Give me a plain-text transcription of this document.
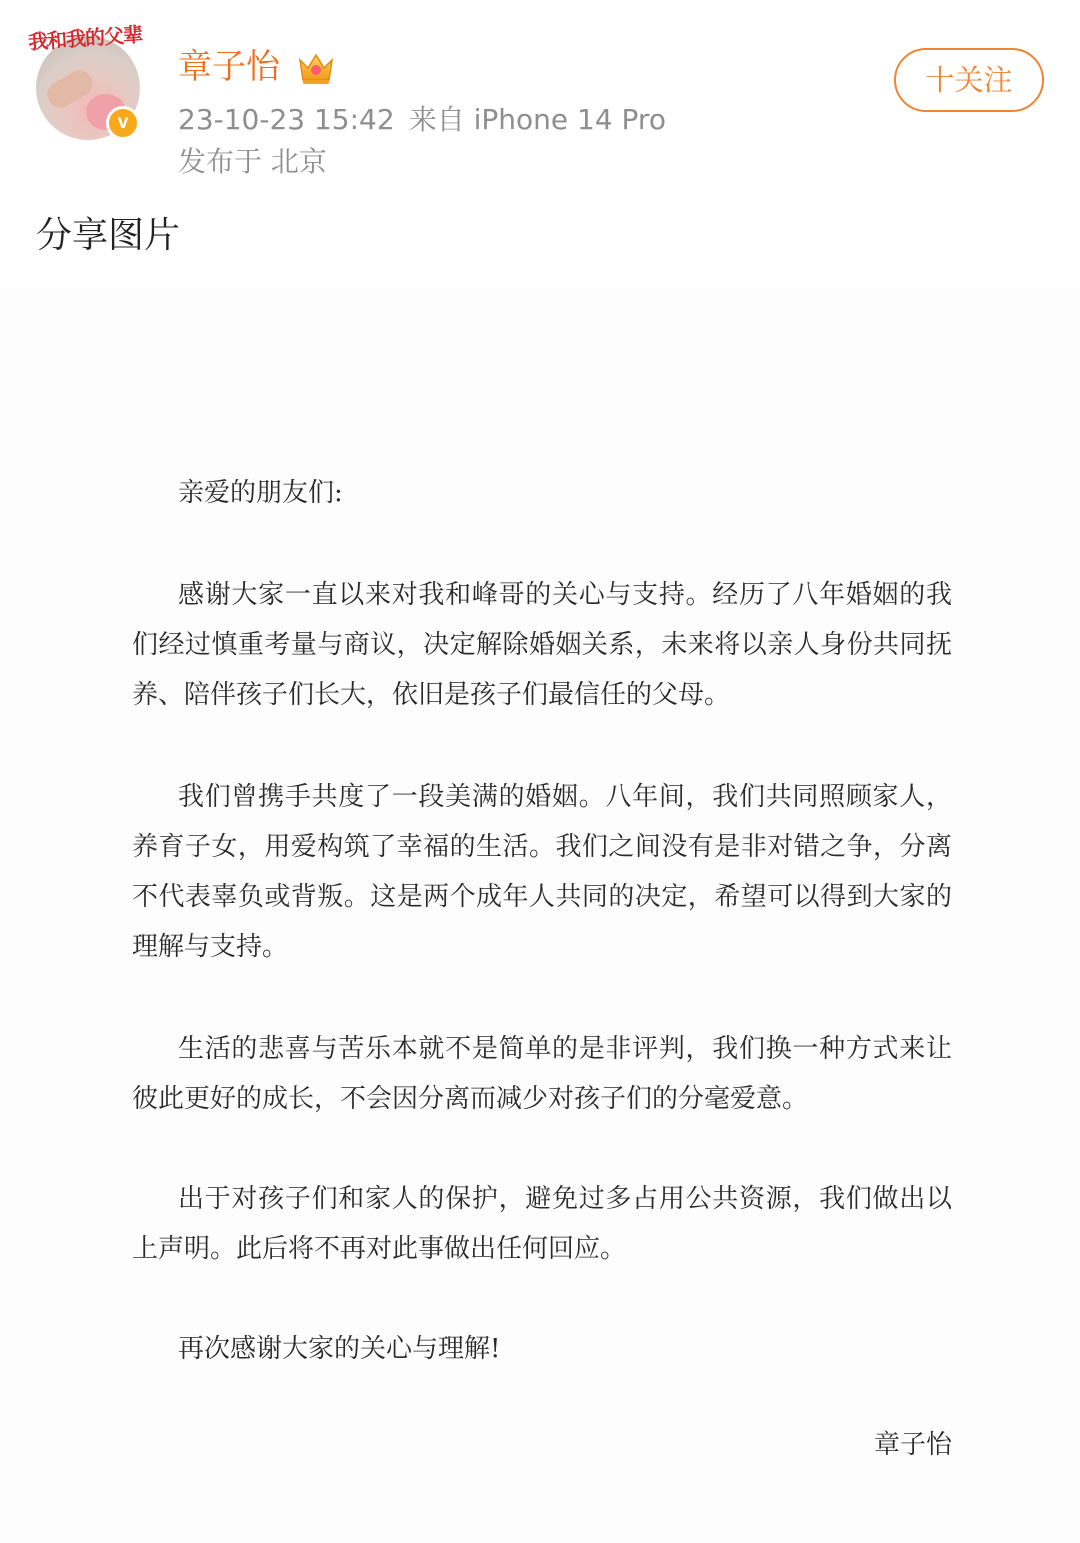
我和我的父辈
v
章子怡
23-10-23 15:42 来自 iPhone 14 Pro
发布于 北京
十关注
分享图片
亲爱的朋友们:

感谢大家一直以来对我和峰哥的关心与支持。经历了八年婚姻的我们经过慎重考量与商议，决定解除婚姻关系，未来将以亲人身份共同抚养、陪伴孩子们长大，依旧是孩子们最信任的父母。

我们曾携手共度了一段美满的婚姻。八年间，我们共同照顾家人，养育子女，用爱构筑了幸福的生活。我们之间没有是非对错之争，分离不代表辜负或背叛。这是两个成年人共同的决定，希望可以得到大家的理解与支持。

生活的悲喜与苦乐本就不是简单的是非评判，我们换一种方式来让彼此更好的成长，不会因分离而减少对孩子们的分毫爱意。

出于对孩子们和家人的保护，避免过多占用公共资源，我们做出以上声明。此后将不再对此事做出任何回应。

再次感谢大家的关心与理解!
章子怡
